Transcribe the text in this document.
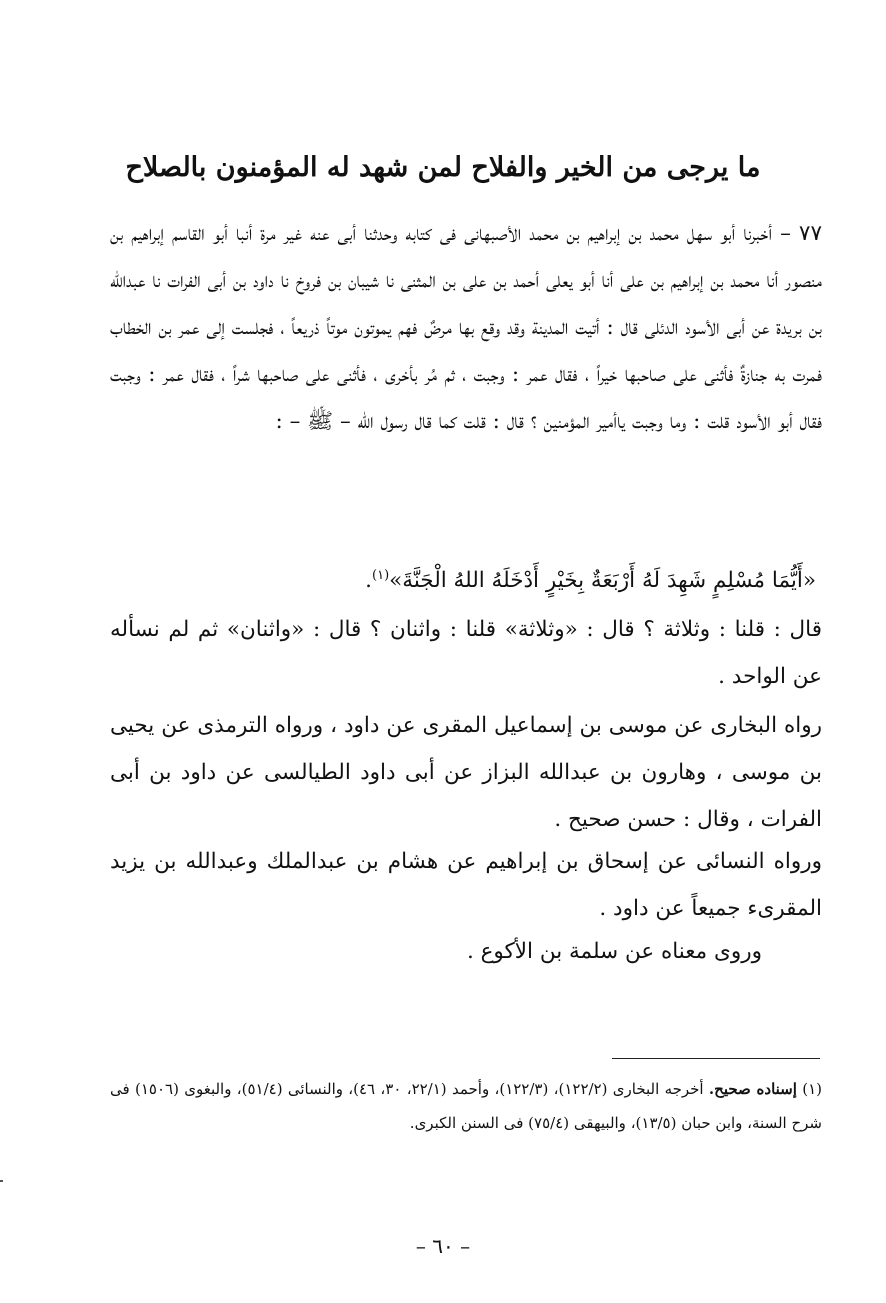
ما يرجى من الخير والفلاح لمن شهد له المؤمنون بالصلاح

٧٧ – أخبرنا أبو سهل محمد بن إبراهيم بن محمد الأصبهانى فى كتابه وحدثنا أبى عنه غير مرة أنبا أبو القاسم إبراهيم بن منصور أنا محمد بن إبراهيم بن على أنا أبو يعلى أحمد بن على بن المثنى نا شيبان بن فروخ نا داود بن أبى الفرات نا عبدالله بن بريدة عن أبى الأسود الدئلى قال : أتيت المدينة وقد وقع بها مرضٌ فهم يموتون موتاً ذريعاً ، فجلست إلى عمر بن الخطاب فمرت به جنازةٌ فأثنى على صاحبها خيراً ، فقال عمر : وجبت ، ثم مُر بأخرى ، فأثنى على صاحبها شراً ، فقال عمر : وجبت فقال أبو الأسود قلت : وما وجبت ياأمير المؤمنين ؟ قال : قلت كما قال رسول الله – ﷺ – :

«أَيُّمَا مُسْلِمٍ شَهِدَ لَهُ أَرْبَعَةٌ بِخَيْرٍ أَدْخَلَهُ اللهُ الْجَنَّةَ»$^{(١)}$.

قال : قلنا : وثلاثة ؟ قال : «وثلاثة» قلنا : واثنان ؟ قال : «واثنان» ثم لم نسأله عن الواحد .

رواه البخارى عن موسى بن إسماعيل المقرى عن داود ، ورواه الترمذى عن يحيى بن موسى ، وهارون بن عبدالله البزاز عن أبى داود الطيالسى عن داود بن أبى الفرات ، وقال : حسن صحيح .

ورواه النسائى عن إسحاق بن إبراهيم عن هشام بن عبدالملك وعبدالله بن يزيد المقرىء جميعاً عن داود .

وروى معناه عن سلمة بن الأكوع .

(١) إسناده صحيح. أخرجه البخارى (١٢٢/٢)، (١٢٢/٣)، وأحمد (٢٢/١، ٣٠، ٤٦)، والنسائى (٥١/٤)، والبغوى (١٥٠٦) فى شرح السنة، وابن حبان (١٣/٥)، والبيهقى (٧٥/٤) فى السنن الكبرى.

– ٦٠ –
